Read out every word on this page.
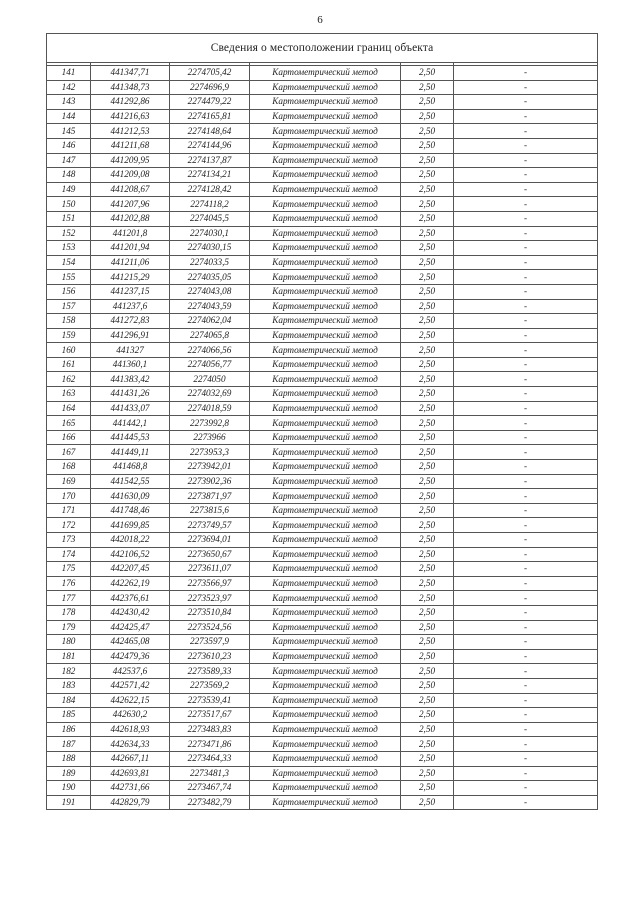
6
Сведения о местоположении границ объекта					

141	441347,71	2274705,42	Картометрический метод	2,50	-
142	441348,73	2274696,9	Картометрический метод	2,50	-
143	441292,86	2274479,22	Картометрический метод	2,50	-
144	441216,63	2274165,81	Картометрический метод	2,50	-
145	441212,53	2274148,64	Картометрический метод	2,50	-
146	441211,68	2274144,96	Картометрический метод	2,50	-
147	441209,95	2274137,87	Картометрический метод	2,50	-
148	441209,08	2274134,21	Картометрический метод	2,50	-
149	441208,67	2274128,42	Картометрический метод	2,50	-
150	441207,96	2274118,2	Картометрический метод	2,50	-
151	441202,88	2274045,5	Картометрический метод	2,50	-
152	441201,8	2274030,1	Картометрический метод	2,50	-
153	441201,94	2274030,15	Картометрический метод	2,50	-
154	441211,06	2274033,5	Картометрический метод	2,50	-
155	441215,29	2274035,05	Картометрический метод	2,50	-
156	441237,15	2274043,08	Картометрический метод	2,50	-
157	441237,6	2274043,59	Картометрический метод	2,50	-
158	441272,83	2274062,04	Картометрический метод	2,50	-
159	441296,91	2274065,8	Картометрический метод	2,50	-
160	441327	2274066,56	Картометрический метод	2,50	-
161	441360,1	2274056,77	Картометрический метод	2,50	-
162	441383,42	2274050	Картометрический метод	2,50	-
163	441431,26	2274032,69	Картометрический метод	2,50	-
164	441433,07	2274018,59	Картометрический метод	2,50	-
165	441442,1	2273992,8	Картометрический метод	2,50	-
166	441445,53	2273966	Картометрический метод	2,50	-
167	441449,11	2273953,3	Картометрический метод	2,50	-
168	441468,8	2273942,01	Картометрический метод	2,50	-
169	441542,55	2273902,36	Картометрический метод	2,50	-
170	441630,09	2273871,97	Картометрический метод	2,50	-
171	441748,46	2273815,6	Картометрический метод	2,50	-
172	441699,85	2273749,57	Картометрический метод	2,50	-
173	442018,22	2273694,01	Картометрический метод	2,50	-
174	442106,52	2273650,67	Картометрический метод	2,50	-
175	442207,45	2273611,07	Картометрический метод	2,50	-
176	442262,19	2273566,97	Картометрический метод	2,50	-
177	442376,61	2273523,97	Картометрический метод	2,50	-
178	442430,42	2273510,84	Картометрический метод	2,50	-
179	442425,47	2273524,56	Картометрический метод	2,50	-
180	442465,08	2273597,9	Картометрический метод	2,50	-
181	442479,36	2273610,23	Картометрический метод	2,50	-
182	442537,6	2273589,33	Картометрический метод	2,50	-
183	442571,42	2273569,2	Картометрический метод	2,50	-
184	442622,15	2273539,41	Картометрический метод	2,50	-
185	442630,2	2273517,67	Картометрический метод	2,50	-
186	442618,93	2273483,83	Картометрический метод	2,50	-
187	442634,33	2273471,86	Картометрический метод	2,50	-
188	442667,11	2273464,33	Картометрический метод	2,50	-
189	442693,81	2273481,3	Картометрический метод	2,50	-
190	442731,66	2273467,74	Картометрический метод	2,50	-
191	442829,79	2273482,79	Картометрический метод	2,50	-
